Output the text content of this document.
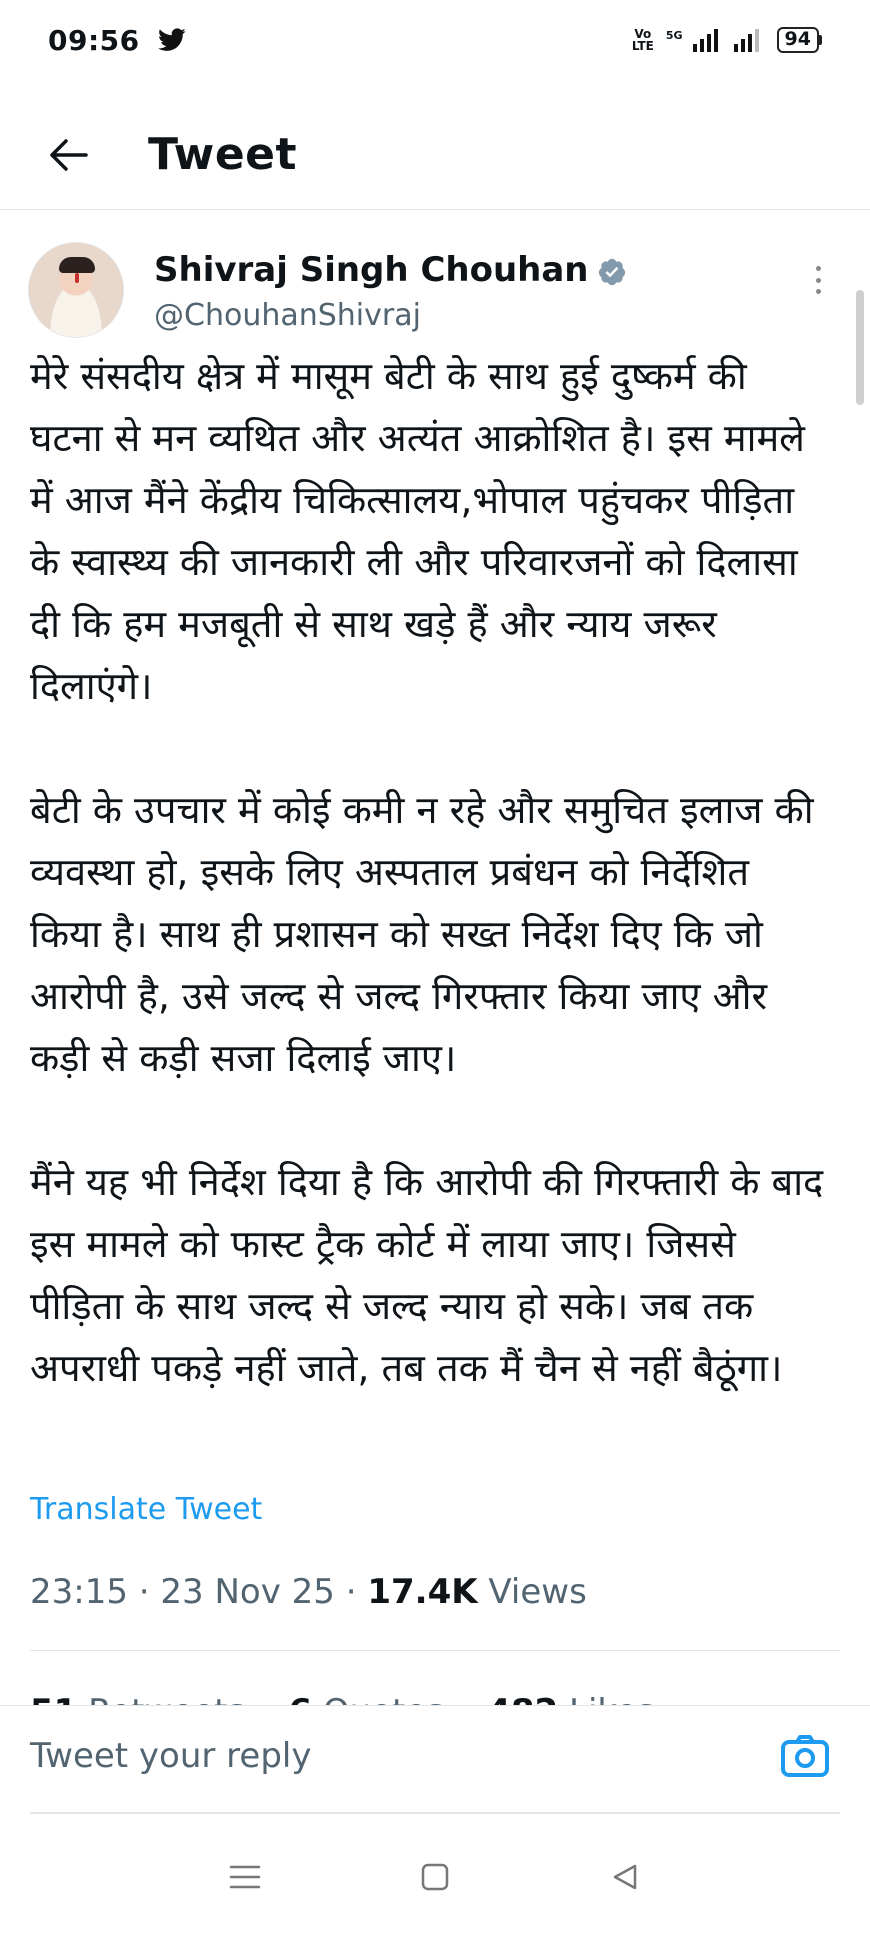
09:56	Vo LTE
5G	94
Tweet
Shivraj Singh Chouhan
@ChouhanShivraj

मेरे संसदीय क्षेत्र में मासूम बेटी के साथ हुई दुष्कर्म की घटना से मन व्यथित और अत्यंत आक्रोशित है। इस मामले में आज मैंने केंद्रीय चिकित्सालय,भोपाल पहुंचकर पीड़िता के स्वास्थ्य की जानकारी ली और परिवारजनों को दिलासा दी कि हम मजबूती से साथ खड़े हैं और न्याय जरूर दिलाएंगे।

बेटी के उपचार में कोई कमी न रहे और समुचित इलाज की व्यवस्था हो, इसके लिए अस्पताल प्रबंधन को निर्देशित किया है। साथ ही प्रशासन को सख्त निर्देश दिए कि जो आरोपी है, उसे जल्द से जल्द गिरफ्तार किया जाए और कड़ी से कड़ी सजा दिलाई जाए।

मैंने यह भी निर्देश दिया है कि आरोपी की गिरफ्तारी के बाद इस मामले को फास्ट ट्रैक कोर्ट में लाया जाए। जिससे पीड़िता के साथ जल्द से जल्द न्याय हो सके। जब तक अपराधी पकड़े नहीं जाते, तब तक मैं चैन से नहीं बैठूंगा।

Translate Tweet
23:15 · 23 Nov 25 · 17.4K Views

Tweet your reply
